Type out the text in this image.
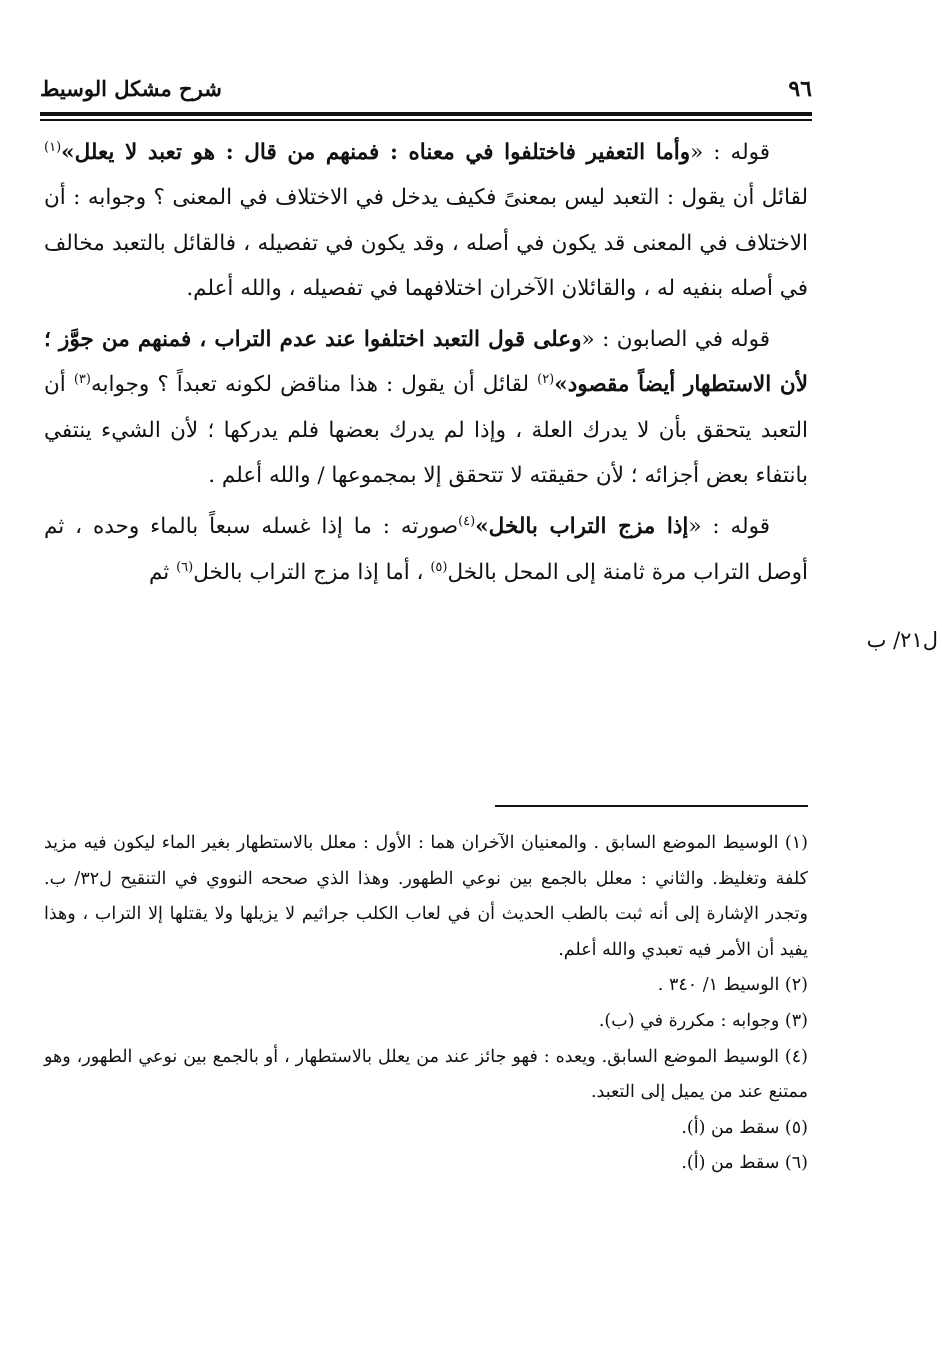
٩٦
شرح مشكل الوسيط

قوله : «وأما التعفير فاختلفوا في معناه : فمنهم من قال : هو تعبد لا يعلل»$^{(١)}$ لقائل أن يقول : التعبد ليس بمعنىً فكيف يدخل في الاختلاف في المعنى ؟ وجوابه : أن الاختلاف في المعنى قد يكون في أصله ، وقد يكون في تفصيله ، فالقائل بالتعبد مخالف في أصله بنفيه له ، والقائلان الآخران اختلافهما في تفصيله ، والله أعلم.

قوله في الصابون : «وعلى قول التعبد اختلفوا عند عدم التراب ، فمنهم من جوَّز ؛ لأن الاستطهار أيضاً مقصود»$^{(٢)}$ لقائل أن يقول : هذا مناقض لكونه تعبداً ؟ وجوابه$^{(٣)}$ أن التعبد يتحقق بأن لا يدرك العلة ، وإذا لم يدرك بعضها فلم يدركها ؛ لأن الشيء ينتفي بانتفاء بعض أجزائه ؛ لأن حقيقته لا تتحقق إلا بمجموعها / والله أعلم .

قوله : «إذا مزج التراب بالخل»$^{(٤)}$صورته : ما إذا غسله سبعاً بالماء وحده ، ثم أوصل التراب مرة ثامنة إلى المحل بالخل$^{(٥)}$ ، أما إذا مزج التراب بالخل$^{(٦)}$ ثم

ل٢١/ ب

(١) الوسيط الموضع السابق . والمعنيان الآخران هما : الأول : معلل بالاستطهار بغير الماء ليكون فيه مزيد كلفة وتغليظ. والثاني : معلل بالجمع بين نوعي الطهور. وهذا الذي صححه النووي في التنقيح ل٣٢/ ب. وتجدر الإشارة إلى أنه ثبت بالطب الحديث أن في لعاب الكلب جراثيم لا يزيلها ولا يقتلها إلا التراب ، وهذا يفيد أن الأمر فيه تعبدي والله أعلم.

(٢) الوسيط ١/ ٣٤٠ .

(٣) وجوابه : مكررة في (ب).

(٤) الوسيط الموضع السابق. ويعده : فهو جائز عند من يعلل بالاستطهار ، أو بالجمع بين نوعي الطهور، وهو ممتنع عند من يميل إلى التعبد.

(٥) سقط من (أ).

(٦) سقط من (أ).
